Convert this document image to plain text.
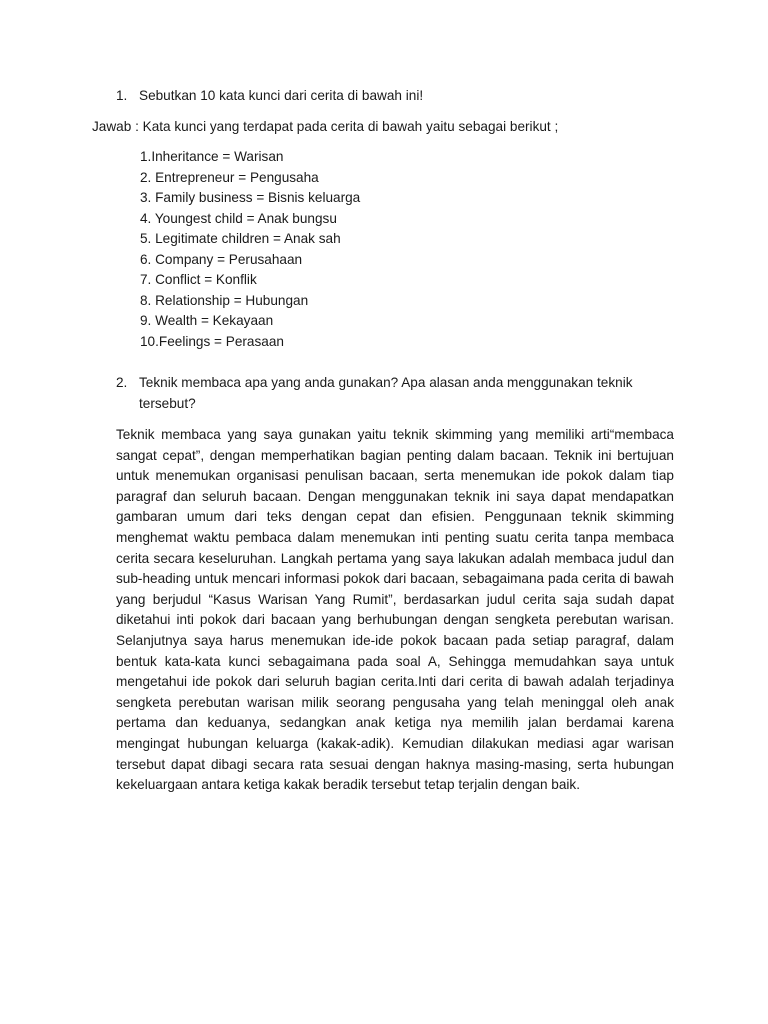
1. Sebutkan 10 kata kunci dari cerita di bawah ini!
Jawab : Kata kunci yang terdapat pada cerita di bawah yaitu sebagai berikut ;
1.Inheritance = Warisan
2. Entrepreneur = Pengusaha
3. Family business = Bisnis keluarga
4. Youngest child = Anak bungsu
5. Legitimate children = Anak sah
6. Company = Perusahaan
7. Conflict = Konflik
8. Relationship = Hubungan
9. Wealth = Kekayaan
10.Feelings = Perasaan
2. Teknik membaca apa yang anda gunakan? Apa alasan anda menggunakan teknik tersebut?

Teknik membaca yang saya gunakan yaitu teknik skimming yang memiliki arti“membaca sangat cepat”, dengan memperhatikan bagian penting dalam bacaan. Teknik ini bertujuan untuk menemukan organisasi penulisan bacaan, serta menemukan ide pokok dalam tiap paragraf dan seluruh bacaan. Dengan menggunakan teknik ini saya dapat mendapatkan gambaran umum dari teks dengan cepat dan efisien. Penggunaan teknik skimming menghemat waktu pembaca dalam menemukan inti penting suatu cerita tanpa membaca cerita secara keseluruhan. Langkah pertama yang saya lakukan adalah membaca judul dan sub-heading untuk mencari informasi pokok dari bacaan, sebagaimana pada cerita di bawah yang berjudul “Kasus Warisan Yang Rumit”, berdasarkan judul cerita saja sudah dapat diketahui inti pokok dari bacaan yang berhubungan dengan sengketa perebutan warisan. Selanjutnya saya harus menemukan ide-ide pokok bacaan pada setiap paragraf, dalam bentuk kata-kata kunci sebagaimana pada soal A, Sehingga memudahkan saya untuk mengetahui ide pokok dari seluruh bagian cerita.Inti dari cerita di bawah adalah terjadinya sengketa perebutan warisan milik seorang pengusaha yang telah meninggal oleh anak pertama dan keduanya, sedangkan anak ketiga nya memilih jalan berdamai karena mengingat hubungan keluarga (kakak-adik). Kemudian dilakukan mediasi agar warisan tersebut dapat dibagi secara rata sesuai dengan haknya masing-masing, serta hubungan kekeluargaan antara ketiga kakak beradik tersebut tetap terjalin dengan baik.
